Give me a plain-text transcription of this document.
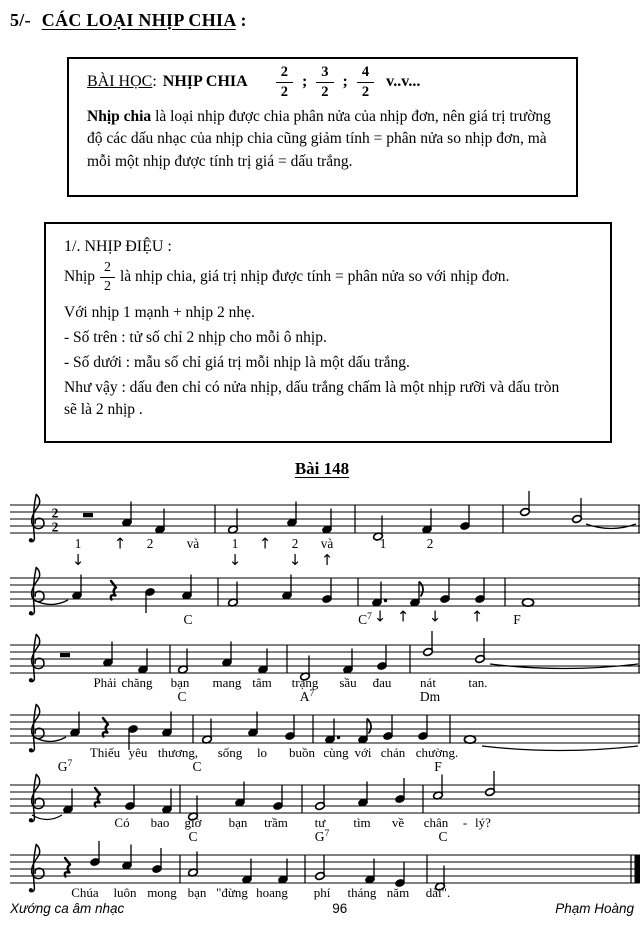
5/- CÁC LOẠI NHỊP CHIA :
BÀI HỌC : NHỊP CHIA $\frac{2}{2}$ ; $\frac{3}{2}$ ; $\frac{4}{2} v..v$...

Nhịp chia là loại nhịp được chia phân nửa của nhịp đơn, nên giá trị trường độ các dấu nhạc của nhịp chia cũng giảm tính = phân nửa so nhịp đơn, mà mỗi một nhịp được tính trị giá = dấu trắng.

1/. NHỊP ĐIỆU :

Nhịp $\frac{2}{2}$ là nhịp chia, giá trị nhịp được tính = phân nửa so với nhịp đơn.

Với nhịp 1 mạnh + nhịp 2 nhẹ.

- Số trên : tử số chỉ 2 nhịp cho mỗi ô nhịp.

- Số dưới : mẫu số chỉ giá trị mỗi nhịp là một dấu trắng.

Như vậy : dấu đen chỉ có nửa nhịp, dấu trắng chấm là một nhịp rưỡi và dấu tròn sẽ là 2 nhịp .

Bài 148
2
2
1	2	và 1	2 và	1	2
↑	↑
↓	↓	↓ ↑
↓ ↑ ↓ ↑
C	$C^7$	F
Phải chăng bạn mang tâm trạng sầu đau nát tan.
C	$A^7$	Dm
Thiếu yêu thương, sống lo buồn cùng với chán chường.
$G^7$	C	F
Có bao giờ bạn trầm tư tìm về chân - lý?
C	$G^7$	C
Chúa luôn mong bạn "đừng hoang phí tháng năm dài".
Xướng ca âm nhạc	96	Phạm Hoàng
